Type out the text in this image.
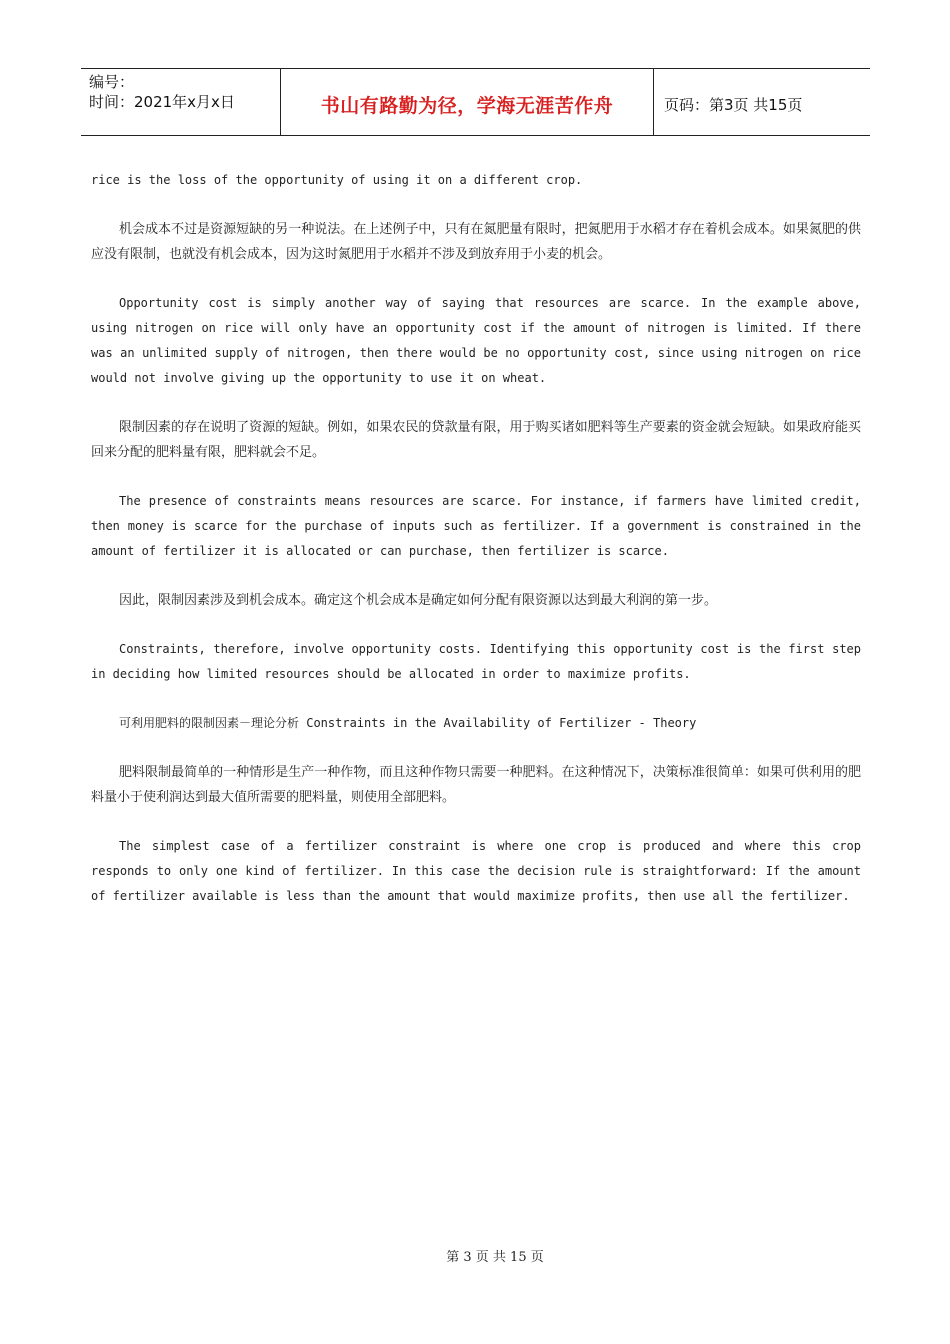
编号：
时间：2021年x月x日	书山有路勤为径，学海无涯苦作舟	页码：第3页 共15页

rice is the loss of the opportunity of using it on a different crop.

机会成本不过是资源短缺的另一种说法。在上述例子中，只有在氮肥量有限时，把氮肥用于水稻才存在着机会成本。如果氮肥的供应没有限制，也就没有机会成本，因为这时氮肥用于水稻并不涉及到放弃用于小麦的机会。

Opportunity cost is simply another way of saying that resources are scarce. In the example above, using nitrogen on rice will only have an opportunity cost if the amount of nitrogen is limited. If there was an unlimited supply of nitrogen, then there would be no opportunity cost, since using nitrogen on rice would not involve giving up the opportunity to use it on wheat.

限制因素的存在说明了资源的短缺。例如，如果农民的贷款量有限，用于购买诸如肥料等生产要素的资金就会短缺。如果政府能买回来分配的肥料量有限，肥料就会不足。

The presence of constraints means resources are scarce. For instance, if farmers have limited credit, then money is scarce for the purchase of inputs such as fertilizer. If a government is constrained in the amount of fertilizer it is allocated or can purchase, then fertilizer is scarce.

因此，限制因素涉及到机会成本。确定这个机会成本是确定如何分配有限资源以达到最大利润的第一步。

Constraints, therefore, involve opportunity costs. Identifying this opportunity cost is the first step in deciding how limited resources should be allocated in order to maximize profits.

可利用肥料的限制因素－理论分析 Constraints in the Availability of Fertilizer - Theory

肥料限制最简单的一种情形是生产一种作物，而且这种作物只需要一种肥料。在这种情况下，决策标准很简单：如果可供利用的肥料量小于使利润达到最大值所需要的肥料量，则使用全部肥料。

The simplest case of a fertilizer constraint is where one crop is produced and where this crop responds to only one kind of fertilizer. In this case the decision rule is straightforward: If the amount of fertilizer available is less than the amount that would maximize profits, then use all the fertilizer.

第 3 页 共 15 页
